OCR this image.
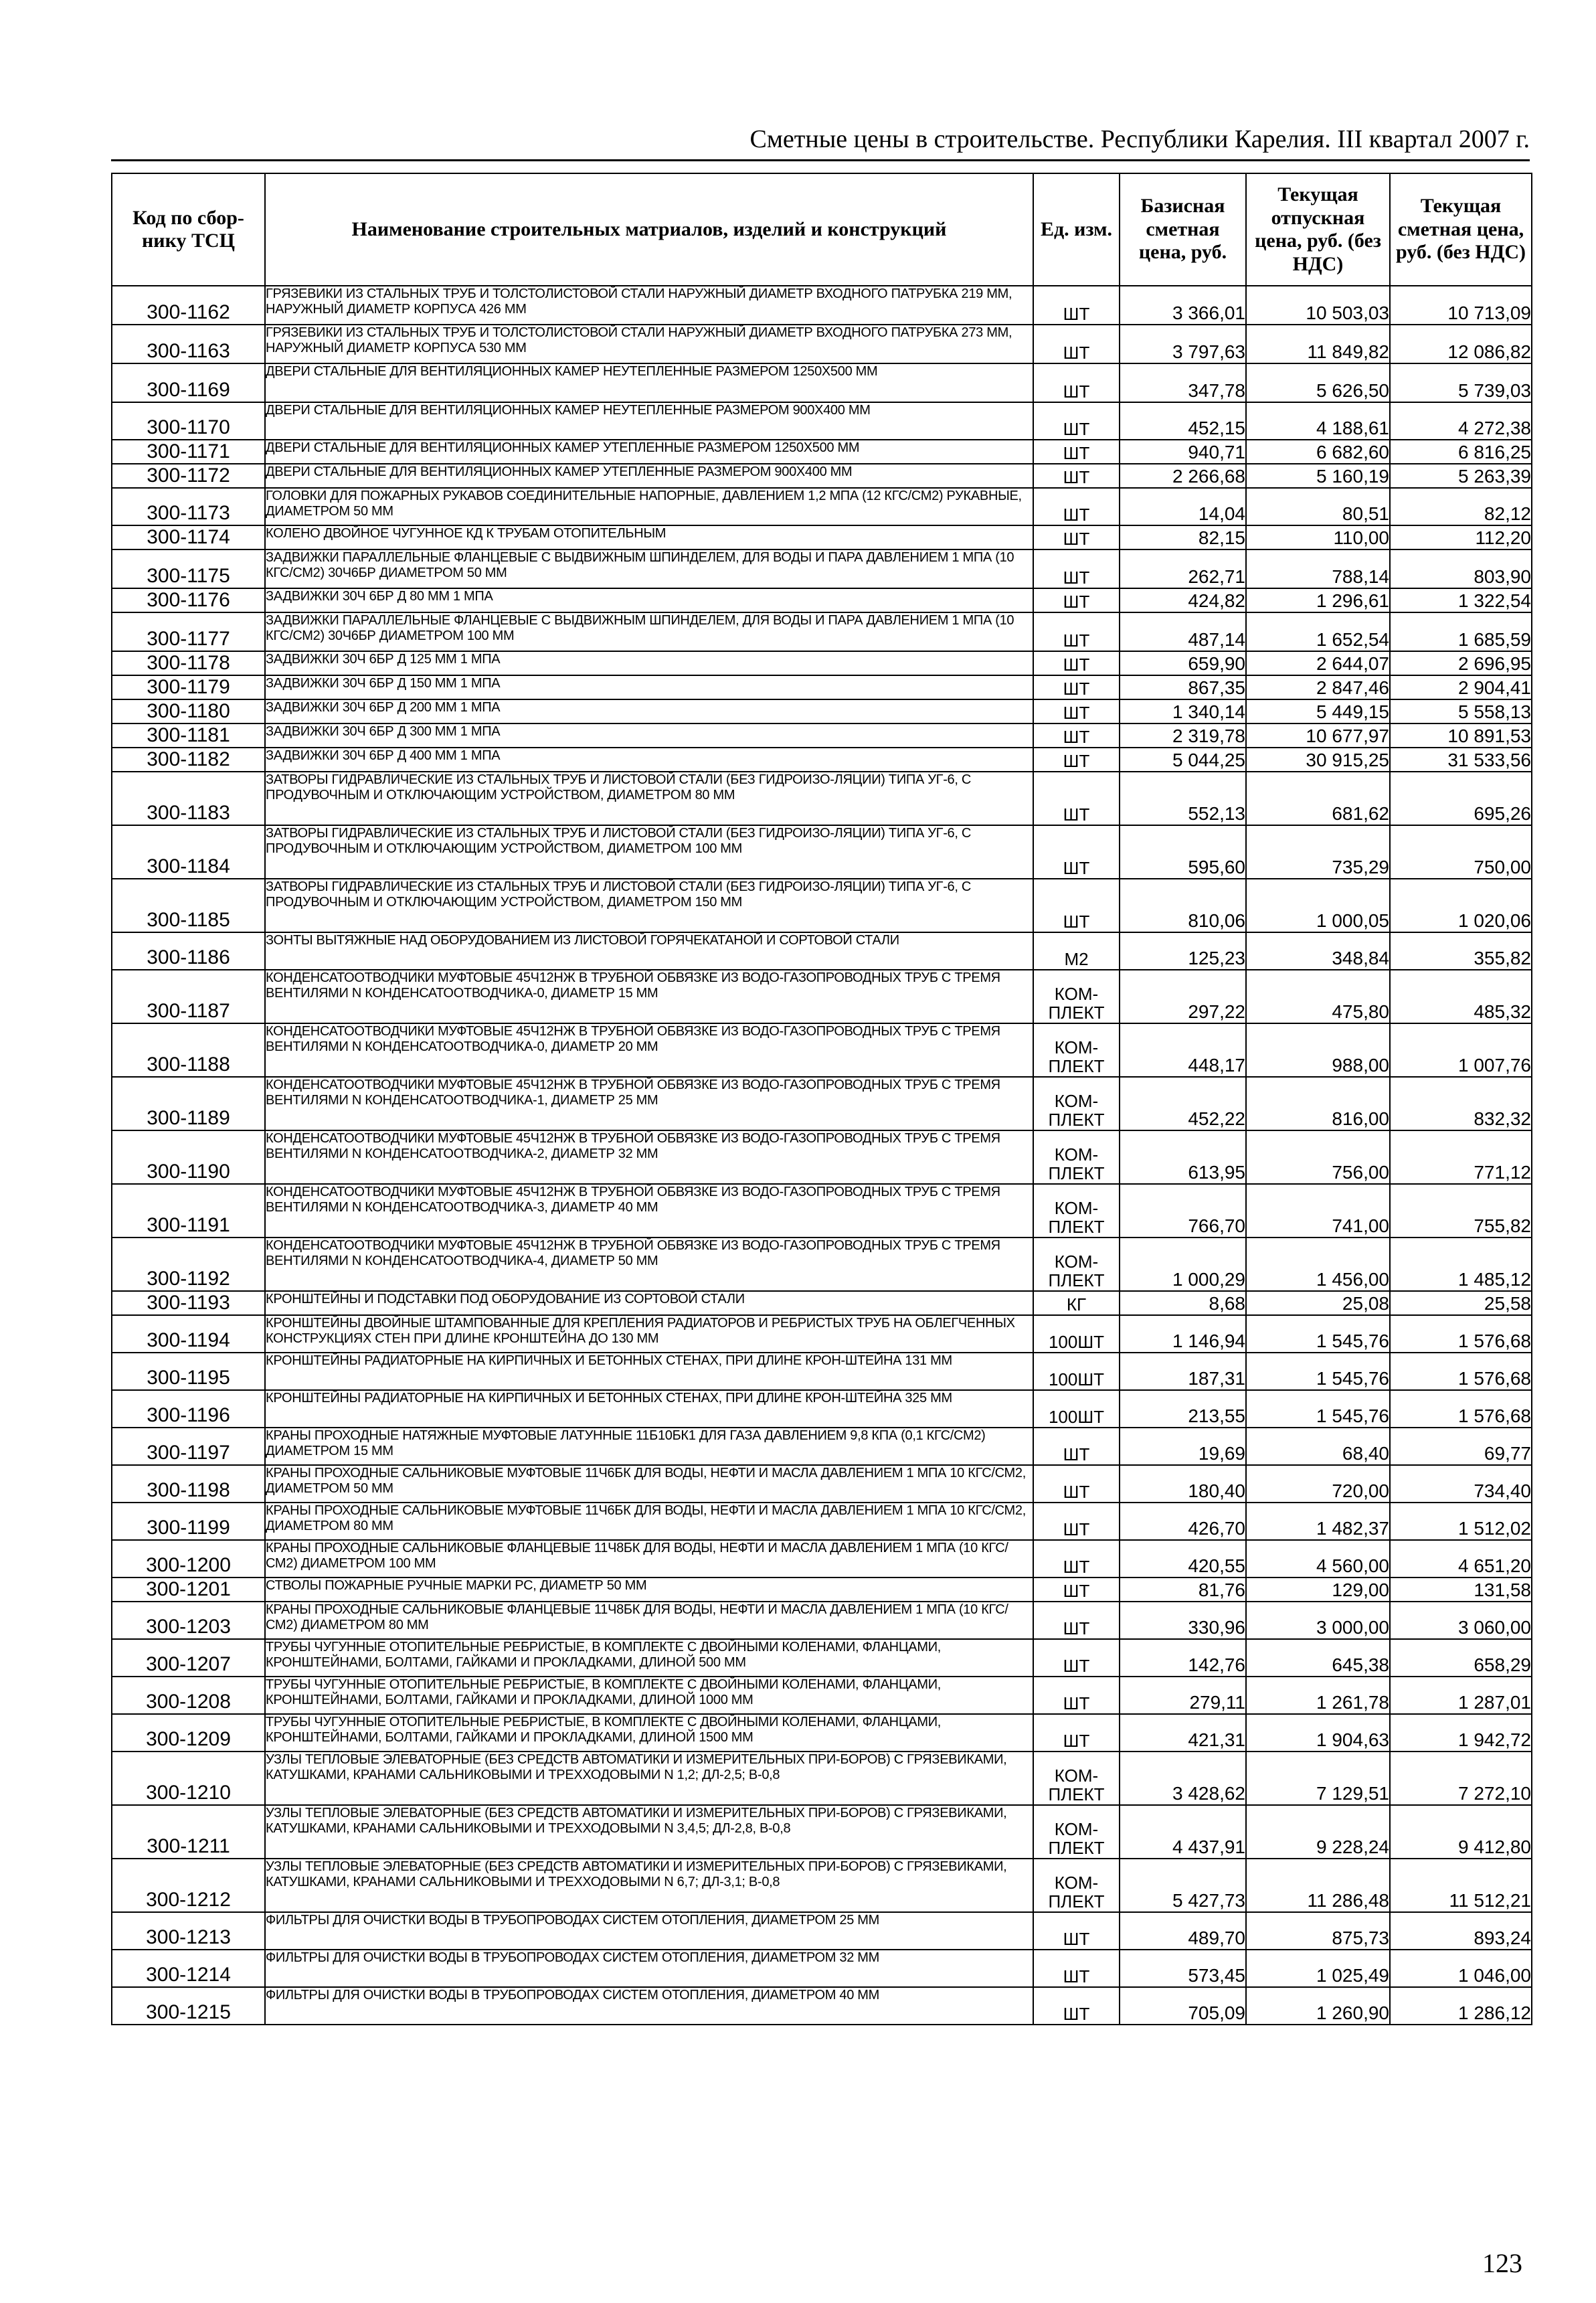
Сметные цены в строительстве. Республики Карелия. III квартал 2007 г.
Код по сбор-нику ТСЦ	Наименование строительных матриалов, изделий и конструкций	Ед. изм.	Базисная сметная цена, руб.	Текущая отпускная цена, руб. (без НДС)	Текущая сметная цена, руб. (без НДС)
300-1162	ГРЯЗЕВИКИ ИЗ СТАЛЬНЫХ ТРУБ И ТОЛСТОЛИСТОВОЙ СТАЛИ НАРУЖНЫЙ ДИАМЕТР ВХОДНОГО ПАТРУБКА 219 ММ, НАРУЖНЫЙ ДИАМЕТР КОРПУСА 426 ММ	ШТ	3 366,01	10 503,03	10 713,09
300-1163	ГРЯЗЕВИКИ ИЗ СТАЛЬНЫХ ТРУБ И ТОЛСТОЛИСТОВОЙ СТАЛИ НАРУЖНЫЙ ДИАМЕТР ВХОДНОГО ПАТРУБКА 273 ММ, НАРУЖНЫЙ ДИАМЕТР КОРПУСА 530 ММ	ШТ	3 797,63	11 849,82	12 086,82
300-1169	ДВЕРИ СТАЛЬНЫЕ ДЛЯ ВЕНТИЛЯЦИОННЫХ КАМЕР НЕУТЕПЛЕННЫЕ РАЗМЕРОМ 1250Х500 ММ	ШТ	347,78	5 626,50	5 739,03
300-1170	ДВЕРИ СТАЛЬНЫЕ ДЛЯ ВЕНТИЛЯЦИОННЫХ КАМЕР НЕУТЕПЛЕННЫЕ РАЗМЕРОМ 900Х400 ММ	ШТ	452,15	4 188,61	4 272,38
300-1171	ДВЕРИ СТАЛЬНЫЕ ДЛЯ ВЕНТИЛЯЦИОННЫХ КАМЕР УТЕПЛЕННЫЕ РАЗМЕРОМ 1250Х500 ММ	ШТ	940,71	6 682,60	6 816,25
300-1172	ДВЕРИ СТАЛЬНЫЕ ДЛЯ ВЕНТИЛЯЦИОННЫХ КАМЕР УТЕПЛЕННЫЕ РАЗМЕРОМ 900Х400 ММ	ШТ	2 266,68	5 160,19	5 263,39
300-1173	ГОЛОВКИ ДЛЯ ПОЖАРНЫХ РУКАВОВ СОЕДИНИТЕЛЬНЫЕ НАПОРНЫЕ, ДАВЛЕНИЕМ 1,2 МПА (12 КГС/СМ2) РУКАВНЫЕ, ДИАМЕТРОМ 50 ММ	ШТ	14,04	80,51	82,12
300-1174	КОЛЕНО ДВОЙНОЕ ЧУГУННОЕ КД К ТРУБАМ ОТОПИТЕЛЬНЫМ	ШТ	82,15	110,00	112,20
300-1175	ЗАДВИЖКИ ПАРАЛЛЕЛЬНЫЕ ФЛАНЦЕВЫЕ С ВЫДВИЖНЫМ ШПИНДЕЛЕМ, ДЛЯ ВОДЫ И ПАРА ДАВЛЕНИЕМ 1 МПА (10 КГС/СМ2) 30Ч6БР ДИАМЕТРОМ 50 ММ	ШТ	262,71	788,14	803,90
300-1176	ЗАДВИЖКИ 30Ч 6БР Д 80 ММ 1 МПА	ШТ	424,82	1 296,61	1 322,54
300-1177	ЗАДВИЖКИ ПАРАЛЛЕЛЬНЫЕ ФЛАНЦЕВЫЕ С ВЫДВИЖНЫМ ШПИНДЕЛЕМ, ДЛЯ ВОДЫ И ПАРА ДАВЛЕНИЕМ 1 МПА (10 КГС/СМ2) 30Ч6БР ДИАМЕТРОМ 100 ММ	ШТ	487,14	1 652,54	1 685,59
300-1178	ЗАДВИЖКИ 30Ч 6БР Д 125 ММ 1 МПА	ШТ	659,90	2 644,07	2 696,95
300-1179	ЗАДВИЖКИ 30Ч 6БР Д 150 ММ 1 МПА	ШТ	867,35	2 847,46	2 904,41
300-1180	ЗАДВИЖКИ 30Ч 6БР Д 200 ММ 1 МПА	ШТ	1 340,14	5 449,15	5 558,13
300-1181	ЗАДВИЖКИ 30Ч 6БР Д 300 ММ 1 МПА	ШТ	2 319,78	10 677,97	10 891,53
300-1182	ЗАДВИЖКИ 30Ч 6БР Д 400 ММ 1 МПА	ШТ	5 044,25	30 915,25	31 533,56
300-1183	ЗАТВОРЫ ГИДРАВЛИЧЕСКИЕ ИЗ СТАЛЬНЫХ ТРУБ И ЛИСТОВОЙ СТАЛИ (БЕЗ ГИДРОИЗО-ЛЯЦИИ) ТИПА УГ-6, С ПРОДУВОЧНЫМ И ОТКЛЮЧАЮЩИМ УСТРОЙСТВОМ, ДИАМЕТРОМ 80 ММ	ШТ	552,13	681,62	695,26
300-1184	ЗАТВОРЫ ГИДРАВЛИЧЕСКИЕ ИЗ СТАЛЬНЫХ ТРУБ И ЛИСТОВОЙ СТАЛИ (БЕЗ ГИДРОИЗО-ЛЯЦИИ) ТИПА УГ-6, С ПРОДУВОЧНЫМ И ОТКЛЮЧАЮЩИМ УСТРОЙСТВОМ, ДИАМЕТРОМ 100 ММ	ШТ	595,60	735,29	750,00
300-1185	ЗАТВОРЫ ГИДРАВЛИЧЕСКИЕ ИЗ СТАЛЬНЫХ ТРУБ И ЛИСТОВОЙ СТАЛИ (БЕЗ ГИДРОИЗО-ЛЯЦИИ) ТИПА УГ-6, С ПРОДУВОЧНЫМ И ОТКЛЮЧАЮЩИМ УСТРОЙСТВОМ, ДИАМЕТРОМ 150 ММ	ШТ	810,06	1 000,05	1 020,06
300-1186	ЗОНТЫ ВЫТЯЖНЫЕ НАД ОБОРУДОВАНИЕМ ИЗ ЛИСТОВОЙ ГОРЯЧЕКАТАНОЙ И СОРТОВОЙ СТАЛИ	М2	125,23	348,84	355,82
300-1187	КОНДЕНСАТООТВОДЧИКИ МУФТОВЫЕ 45Ч12НЖ В ТРУБНОЙ ОБВЯЗКЕ ИЗ ВОДО-ГАЗОПРОВОДНЫХ ТРУБ С ТРЕМЯ ВЕНТИЛЯМИ N КОНДЕНСАТООТВОДЧИКА-0, ДИАМЕТР 15 ММ	КОМ-ПЛЕКТ	297,22	475,80	485,32
300-1188	КОНДЕНСАТООТВОДЧИКИ МУФТОВЫЕ 45Ч12НЖ В ТРУБНОЙ ОБВЯЗКЕ ИЗ ВОДО-ГАЗОПРОВОДНЫХ ТРУБ С ТРЕМЯ ВЕНТИЛЯМИ N КОНДЕНСАТООТВОДЧИКА-0, ДИАМЕТР 20 ММ	КОМ-ПЛЕКТ	448,17	988,00	1 007,76
300-1189	КОНДЕНСАТООТВОДЧИКИ МУФТОВЫЕ 45Ч12НЖ В ТРУБНОЙ ОБВЯЗКЕ ИЗ ВОДО-ГАЗОПРОВОДНЫХ ТРУБ С ТРЕМЯ ВЕНТИЛЯМИ N КОНДЕНСАТООТВОДЧИКА-1, ДИАМЕТР 25 ММ	КОМ-ПЛЕКТ	452,22	816,00	832,32
300-1190	КОНДЕНСАТООТВОДЧИКИ МУФТОВЫЕ 45Ч12НЖ В ТРУБНОЙ ОБВЯЗКЕ ИЗ ВОДО-ГАЗОПРОВОДНЫХ ТРУБ С ТРЕМЯ ВЕНТИЛЯМИ N КОНДЕНСАТООТВОДЧИКА-2, ДИАМЕТР 32 ММ	КОМ-ПЛЕКТ	613,95	756,00	771,12
300-1191	КОНДЕНСАТООТВОДЧИКИ МУФТОВЫЕ 45Ч12НЖ В ТРУБНОЙ ОБВЯЗКЕ ИЗ ВОДО-ГАЗОПРОВОДНЫХ ТРУБ С ТРЕМЯ ВЕНТИЛЯМИ N КОНДЕНСАТООТВОДЧИКА-3, ДИАМЕТР 40 ММ	КОМ-ПЛЕКТ	766,70	741,00	755,82
300-1192	КОНДЕНСАТООТВОДЧИКИ МУФТОВЫЕ 45Ч12НЖ В ТРУБНОЙ ОБВЯЗКЕ ИЗ ВОДО-ГАЗОПРОВОДНЫХ ТРУБ С ТРЕМЯ ВЕНТИЛЯМИ N КОНДЕНСАТООТВОДЧИКА-4, ДИАМЕТР 50 ММ	КОМ-ПЛЕКТ	1 000,29	1 456,00	1 485,12
300-1193	КРОНШТЕЙНЫ И ПОДСТАВКИ ПОД ОБОРУДОВАНИЕ ИЗ СОРТОВОЙ СТАЛИ	КГ	8,68	25,08	25,58
300-1194	КРОНШТЕЙНЫ ДВОЙНЫЕ ШТАМПОВАННЫЕ ДЛЯ КРЕПЛЕНИЯ РАДИАТОРОВ И РЕБРИСТЫХ ТРУБ НА ОБЛЕГЧЕННЫХ КОНСТРУКЦИЯХ СТЕН ПРИ ДЛИНЕ КРОНШТЕЙНА ДО 130 ММ	100ШТ	1 146,94	1 545,76	1 576,68
300-1195	КРОНШТЕЙНЫ РАДИАТОРНЫЕ НА КИРПИЧНЫХ И БЕТОННЫХ СТЕНАХ, ПРИ ДЛИНЕ КРОН-ШТЕЙНА 131 ММ	100ШТ	187,31	1 545,76	1 576,68
300-1196	КРОНШТЕЙНЫ РАДИАТОРНЫЕ НА КИРПИЧНЫХ И БЕТОННЫХ СТЕНАХ, ПРИ ДЛИНЕ КРОН-ШТЕЙНА 325 ММ	100ШТ	213,55	1 545,76	1 576,68
300-1197	КРАНЫ ПРОХОДНЫЕ НАТЯЖНЫЕ МУФТОВЫЕ ЛАТУННЫЕ 11Б10БК1 ДЛЯ ГАЗА ДАВЛЕНИЕМ 9,8 КПА (0,1 КГС/СМ2) ДИАМЕТРОМ 15 ММ	ШТ	19,69	68,40	69,77
300-1198	КРАНЫ ПРОХОДНЫЕ САЛЬНИКОВЫЕ МУФТОВЫЕ 11Ч6БК ДЛЯ ВОДЫ, НЕФТИ И МАСЛА ДАВЛЕНИЕМ 1 МПА 10 КГС/СМ2, ДИАМЕТРОМ 50 ММ	ШТ	180,40	720,00	734,40
300-1199	КРАНЫ ПРОХОДНЫЕ САЛЬНИКОВЫЕ МУФТОВЫЕ 11Ч6БК ДЛЯ ВОДЫ, НЕФТИ И МАСЛА ДАВЛЕНИЕМ 1 МПА 10 КГС/СМ2, ДИАМЕТРОМ 80 ММ	ШТ	426,70	1 482,37	1 512,02
300-1200	КРАНЫ ПРОХОДНЫЕ САЛЬНИКОВЫЕ ФЛАНЦЕВЫЕ 11Ч8БК ДЛЯ ВОДЫ, НЕФТИ И МАСЛА ДАВЛЕНИЕМ 1 МПА (10 КГС/СМ2) ДИАМЕТРОМ 100 ММ	ШТ	420,55	4 560,00	4 651,20
300-1201	СТВОЛЫ ПОЖАРНЫЕ РУЧНЫЕ МАРКИ РС, ДИАМЕТР 50 ММ	ШТ	81,76	129,00	131,58
300-1203	КРАНЫ ПРОХОДНЫЕ САЛЬНИКОВЫЕ ФЛАНЦЕВЫЕ 11Ч8БК ДЛЯ ВОДЫ, НЕФТИ И МАСЛА ДАВЛЕНИЕМ 1 МПА (10 КГС/СМ2) ДИАМЕТРОМ 80 ММ	ШТ	330,96	3 000,00	3 060,00
300-1207	ТРУБЫ ЧУГУННЫЕ ОТОПИТЕЛЬНЫЕ РЕБРИСТЫЕ, В КОМПЛЕКТЕ С ДВОЙНЫМИ КОЛЕНАМИ, ФЛАНЦАМИ, КРОНШТЕЙНАМИ, БОЛТАМИ, ГАЙКАМИ И ПРОКЛАДКАМИ, ДЛИНОЙ 500 ММ	ШТ	142,76	645,38	658,29
300-1208	ТРУБЫ ЧУГУННЫЕ ОТОПИТЕЛЬНЫЕ РЕБРИСТЫЕ, В КОМПЛЕКТЕ С ДВОЙНЫМИ КОЛЕНАМИ, ФЛАНЦАМИ, КРОНШТЕЙНАМИ, БОЛТАМИ, ГАЙКАМИ И ПРОКЛАДКАМИ, ДЛИНОЙ 1000 ММ	ШТ	279,11	1 261,78	1 287,01
300-1209	ТРУБЫ ЧУГУННЫЕ ОТОПИТЕЛЬНЫЕ РЕБРИСТЫЕ, В КОМПЛЕКТЕ С ДВОЙНЫМИ КОЛЕНАМИ, ФЛАНЦАМИ, КРОНШТЕЙНАМИ, БОЛТАМИ, ГАЙКАМИ И ПРОКЛАДКАМИ, ДЛИНОЙ 1500 ММ	ШТ	421,31	1 904,63	1 942,72
300-1210	УЗЛЫ ТЕПЛОВЫЕ ЭЛЕВАТОРНЫЕ (БЕЗ СРЕДСТВ АВТОМАТИКИ И ИЗМЕРИТЕЛЬНЫХ ПРИ-БОРОВ) С ГРЯЗЕВИКАМИ, КАТУШКАМИ, КРАНАМИ САЛЬНИКОВЫМИ И ТРЕХХОДОВЫМИ N 1,2; ДЛ-2,5; В-0,8	КОМ-ПЛЕКТ	3 428,62	7 129,51	7 272,10
300-1211	УЗЛЫ ТЕПЛОВЫЕ ЭЛЕВАТОРНЫЕ (БЕЗ СРЕДСТВ АВТОМАТИКИ И ИЗМЕРИТЕЛЬНЫХ ПРИ-БОРОВ) С ГРЯЗЕВИКАМИ, КАТУШКАМИ, КРАНАМИ САЛЬНИКОВЫМИ И ТРЕХХОДОВЫМИ N 3,4,5; ДЛ-2,8, В-0,8	КОМ-ПЛЕКТ	4 437,91	9 228,24	9 412,80
300-1212	УЗЛЫ ТЕПЛОВЫЕ ЭЛЕВАТОРНЫЕ (БЕЗ СРЕДСТВ АВТОМАТИКИ И ИЗМЕРИТЕЛЬНЫХ ПРИ-БОРОВ) С ГРЯЗЕВИКАМИ, КАТУШКАМИ, КРАНАМИ САЛЬНИКОВЫМИ И ТРЕХХОДОВЫМИ N 6,7; ДЛ-3,1; В-0,8	КОМ-ПЛЕКТ	5 427,73	11 286,48	11 512,21
300-1213	ФИЛЬТРЫ ДЛЯ ОЧИСТКИ ВОДЫ В ТРУБОПРОВОДАХ СИСТЕМ ОТОПЛЕНИЯ, ДИАМЕТРОМ 25 ММ	ШТ	489,70	875,73	893,24
300-1214	ФИЛЬТРЫ ДЛЯ ОЧИСТКИ ВОДЫ В ТРУБОПРОВОДАХ СИСТЕМ ОТОПЛЕНИЯ, ДИАМЕТРОМ 32 ММ	ШТ	573,45	1 025,49	1 046,00
300-1215	ФИЛЬТРЫ ДЛЯ ОЧИСТКИ ВОДЫ В ТРУБОПРОВОДАХ СИСТЕМ ОТОПЛЕНИЯ, ДИАМЕТРОМ 40 ММ	ШТ	705,09	1 260,90	1 286,12
123
